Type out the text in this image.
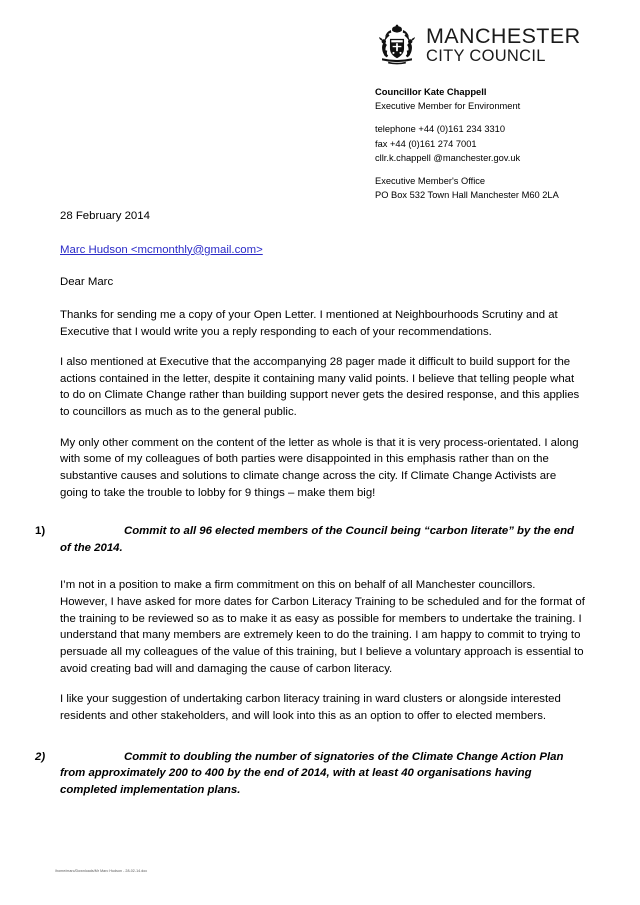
MANCHESTER
CITY COUNCIL
Councillor Kate Chappell
Executive Member for Environment
telephone +44 (0)161 234 3310
fax +44 (0)161 274 7001
cllr.k.chappell @manchester.gov.uk
Executive Member's Office
PO Box 532 Town Hall Manchester M60 2LA

28 February 2014

Marc Hudson <mcmonthly@gmail.com>

Dear Marc

Thanks for sending me a copy of your Open Letter. I mentioned at Neighbourhoods Scrutiny and at Executive that I would write you a reply responding to each of your recommendations.

I also mentioned at Executive that the accompanying 28 pager made it difficult to build support for the actions contained in the letter, despite it containing many valid points. I believe that telling people what to do on Climate Change rather than building support never gets the desired response, and this applies to councillors as much as to the general public.

My only other comment on the content of the letter as whole is that it is very process-orientated. I along with some of my colleagues of both parties were disappointed in this emphasis rather than on the substantive causes and solutions to climate change across the city. If Climate Change Activists are going to take the trouble to lobby for 9 things – make them big!

1)	Commit to all 96 elected members of the Council being “carbon literate” by the end of the 2014.

I’m not in a position to make a firm commitment on this on behalf of all Manchester councillors. However, I have asked for more dates for Carbon Literacy Training to be scheduled and for the format of the training to be reviewed so as to make it as easy as possible for members to undertake the training. I understand that many members are extremely keen to do the training. I am happy to commit to trying to persuade all my colleagues of the value of this training, but I believe a voluntary approach is essential to avoid creating bad will and damaging the cause of carbon literacy.

I like your suggestion of undertaking carbon literacy training in ward clusters or alongside interested residents and other stakeholders, and will look into this as an option to offer to elected members.

2)	Commit to doubling the number of signatories of the Climate Change Action Plan from approximately 200 to 400 by the end of 2014, with at least 40 organisations having completed implementation plans.
/home/marc/Downloads/Mr Marc Hudson - 28-02-14.doc
